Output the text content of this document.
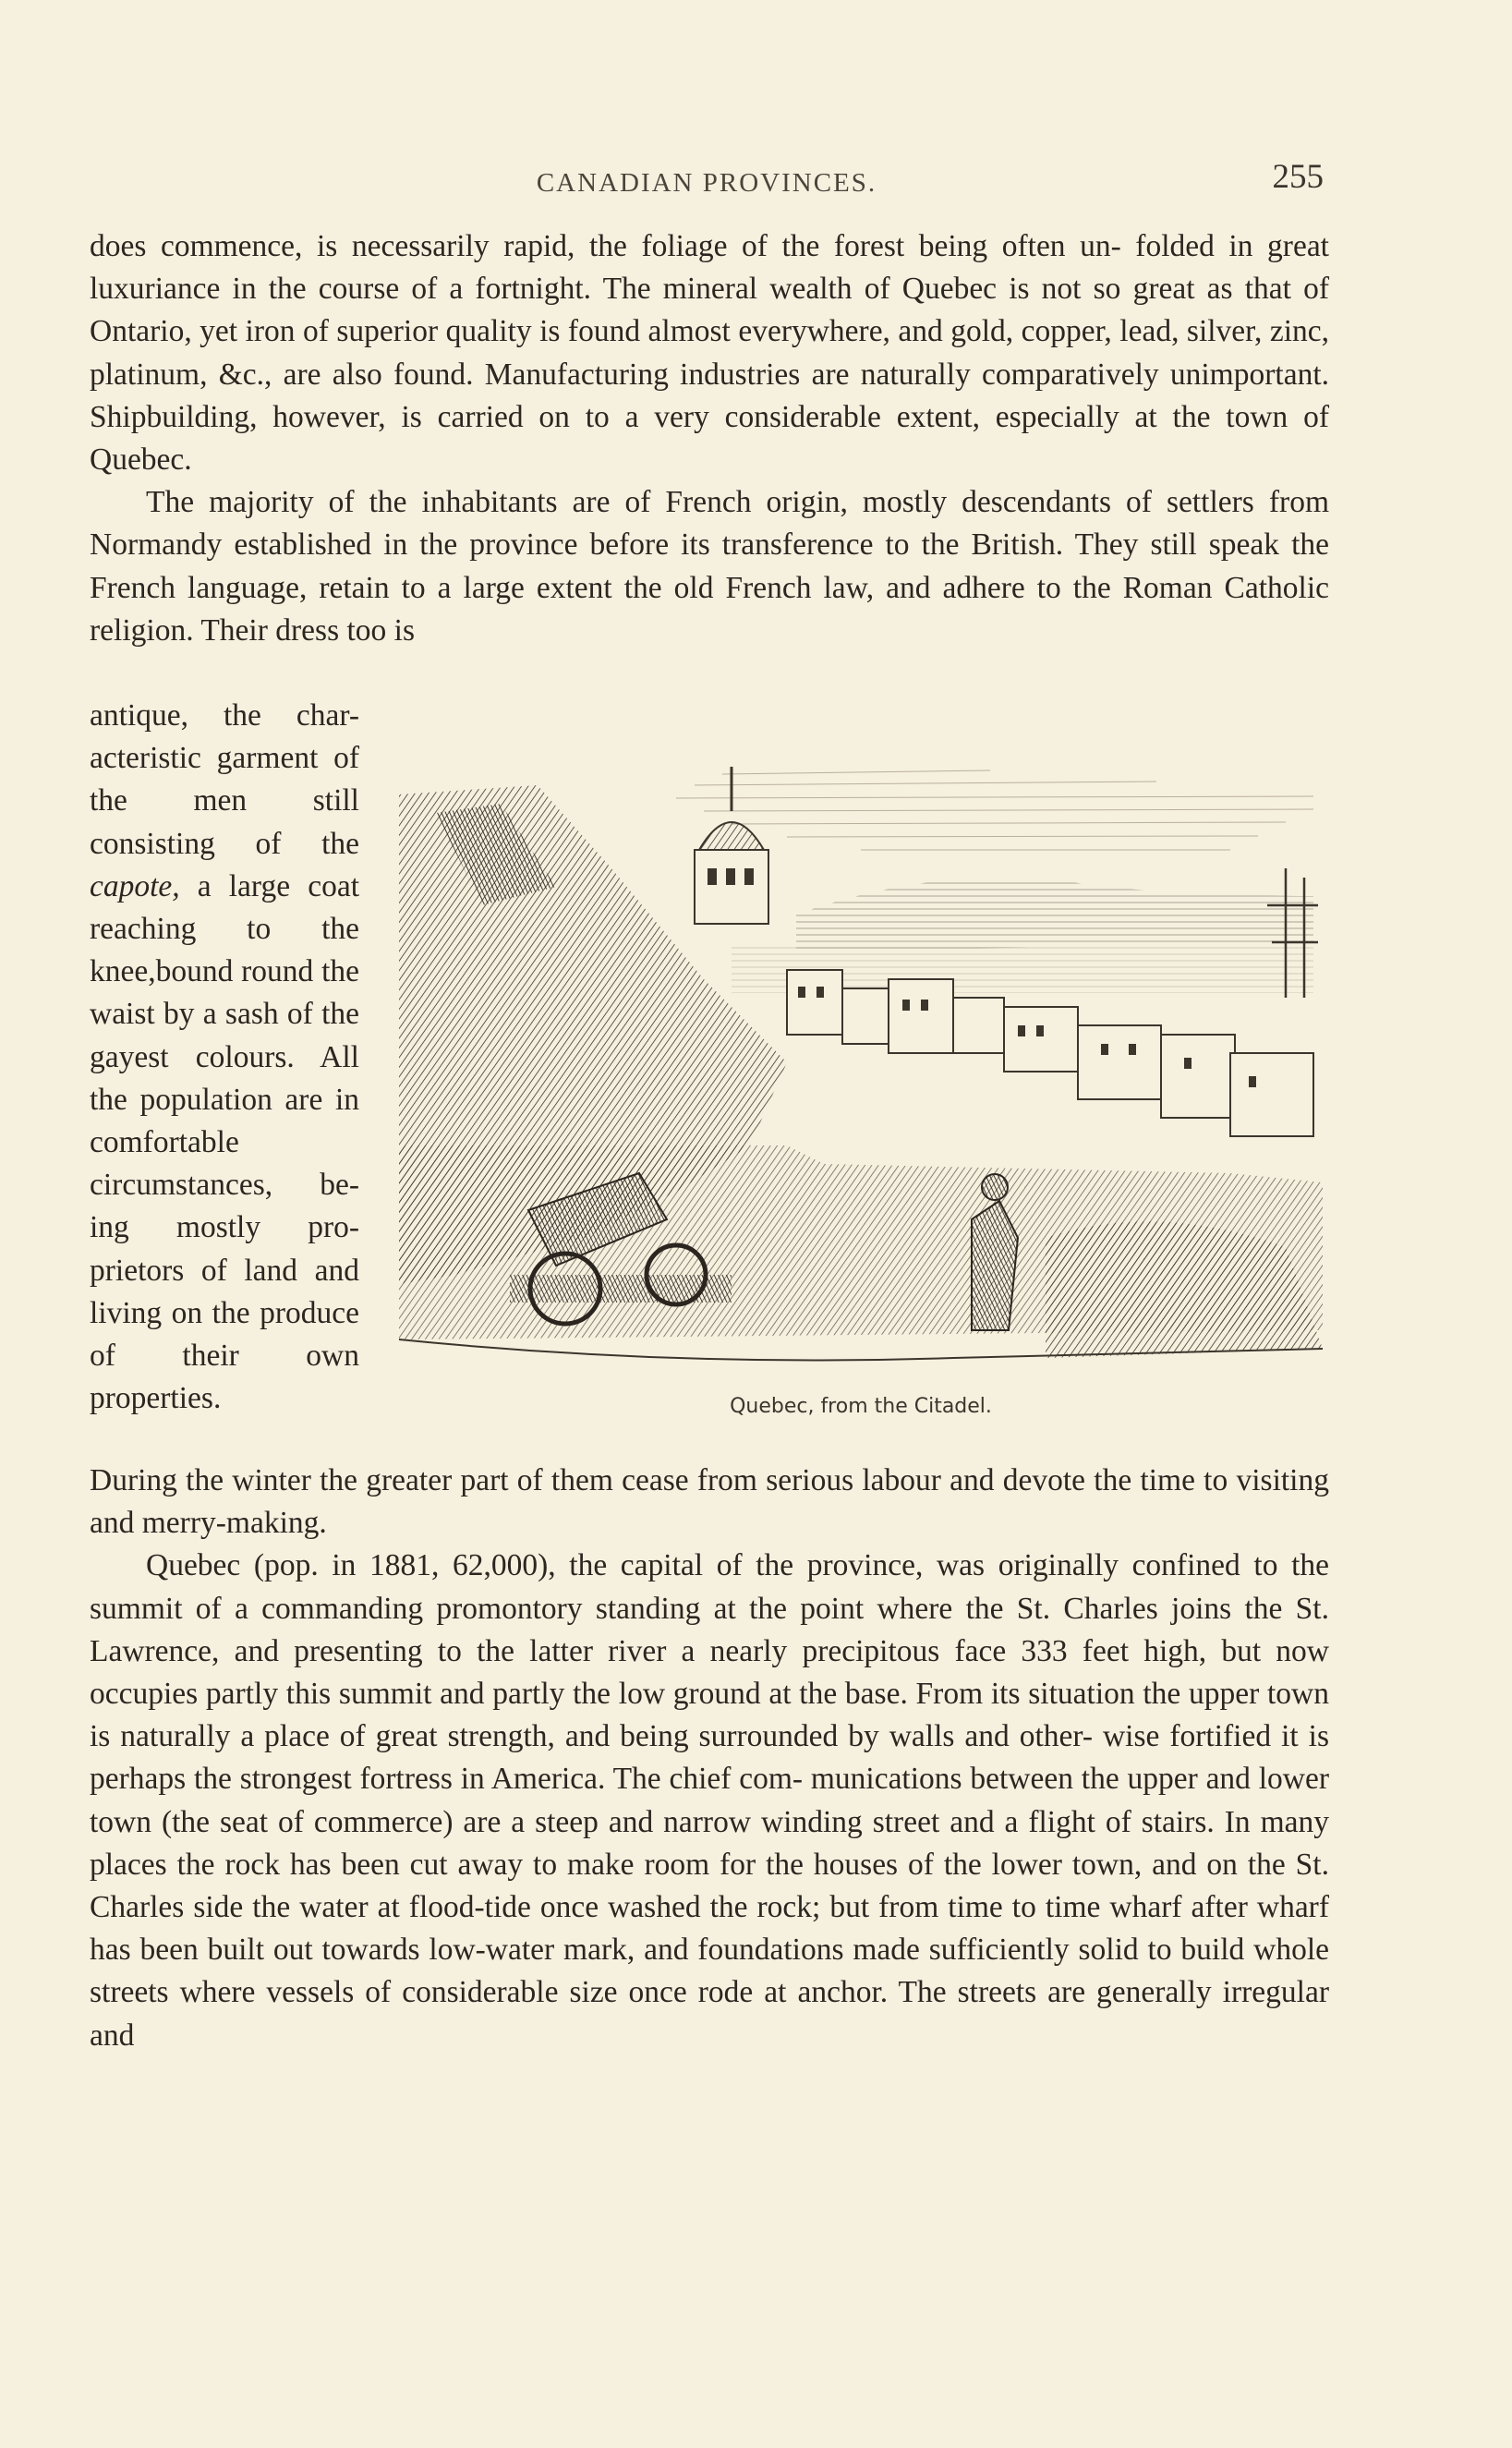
CANADIAN PROVINCES.	255

does commence, is necessarily rapid, the foliage of the forest being often un- folded in great luxuriance in the course of a fortnight. The mineral wealth of Quebec is not so great as that of Ontario, yet iron of superior quality is found almost everywhere, and gold, copper, lead, silver, zinc, platinum, &c., are also found. Manufacturing industries are naturally comparatively unimportant. Shipbuilding, however, is carried on to a very considerable extent, especially at the town of Quebec.

The majority of the inhabitants are of French origin, mostly descendants of settlers from Normandy established in the province before its transference to the British. They still speak the French language, retain to a large extent the old French law, and adhere to the Roman Catholic religion. Their dress too is

antique, the char- acteristic garment of the men still consisting of the capote, a large coat reaching to the knee,bound round the waist by a sash of the gayest colours. All the population are in comfortable circumstances, be- ing mostly pro- prietors of land and living on the produce of their own properties.	Quebec, from the Citadel.

During the winter the greater part of them cease from serious labour and devote the time to visiting and merry-making.

Quebec (pop. in 1881, 62,000), the capital of the province, was originally confined to the summit of a commanding promontory standing at the point where the St. Charles joins the St. Lawrence, and presenting to the latter river a nearly precipitous face 333 feet high, but now occupies partly this summit and partly the low ground at the base. From its situation the upper town is naturally a place of great strength, and being surrounded by walls and other- wise fortified it is perhaps the strongest fortress in America. The chief com- munications between the upper and lower town (the seat of commerce) are a steep and narrow winding street and a flight of stairs. In many places the rock has been cut away to make room for the houses of the lower town, and on the St. Charles side the water at flood-tide once washed the rock; but from time to time wharf after wharf has been built out towards low-water mark, and foundations made sufficiently solid to build whole streets where vessels of considerable size once rode at anchor. The streets are generally irregular and
